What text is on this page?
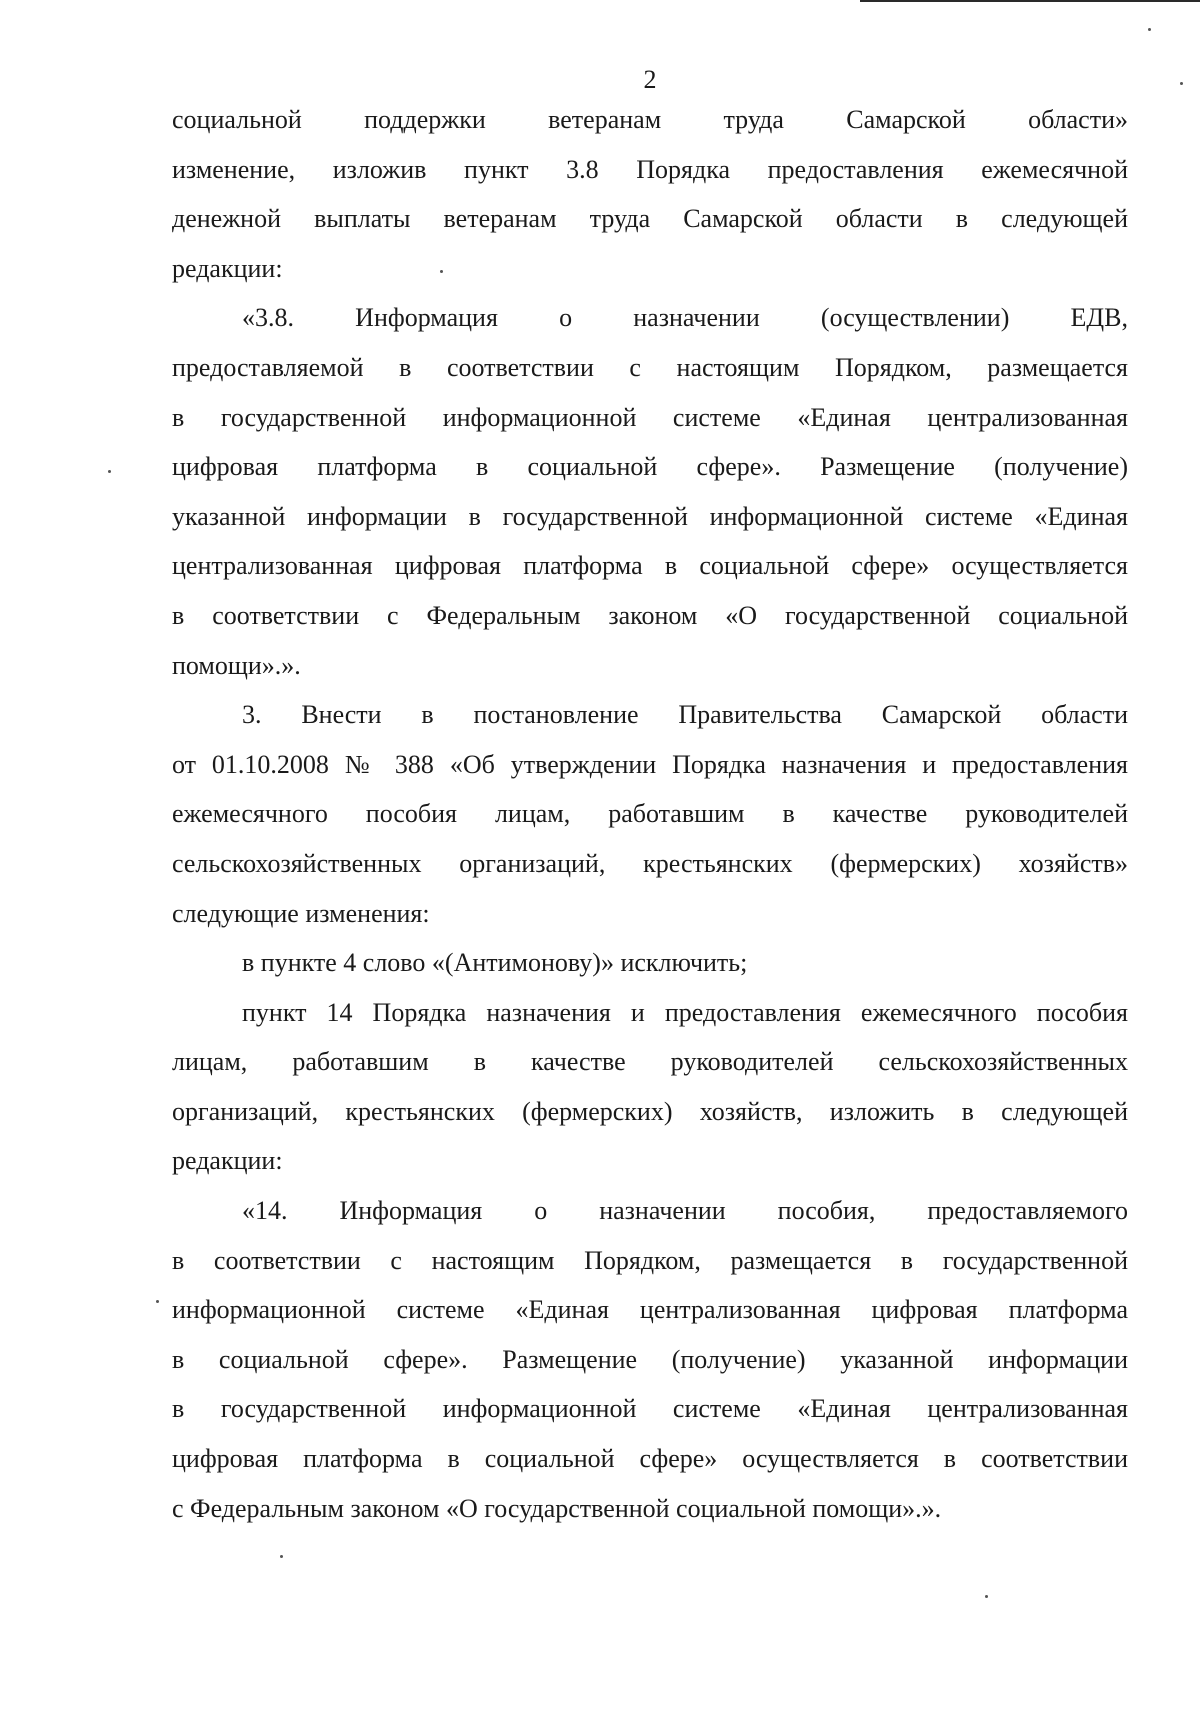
2
социальной поддержки ветеранам труда Самарской области»
изменение, изложив пункт 3.8 Порядка предоставления ежемесячной
денежной выплаты ветеранам труда Самарской области в следующей
редакции:
«3.8. Информация о назначении (осуществлении) ЕДВ,
предоставляемой в соответствии с настоящим Порядком, размещается
в государственной информационной системе «Единая централизованная
цифровая платформа в социальной сфере». Размещение (получение)
указанной информации в государственной информационной системе «Единая
централизованная цифровая платформа в социальной сфере» осуществляется
в соответствии с Федеральным законом «О государственной социальной
помощи».».
3. Внести в постановление Правительства Самарской области
от 01.10.2008 № 388 «Об утверждении Порядка назначения и предоставления
ежемесячного пособия лицам, работавшим в качестве руководителей
сельскохозяйственных организаций, крестьянских (фермерских) хозяйств»
следующие изменения:
в пункте 4 слово «(Антимонову)» исключить;
пункт 14 Порядка назначения и предоставления ежемесячного пособия
лицам, работавшим в качестве руководителей сельскохозяйственных
организаций, крестьянских (фермерских) хозяйств, изложить в следующей
редакции:
«14. Информация о назначении пособия, предоставляемого
в соответствии с настоящим Порядком, размещается в государственной
информационной системе «Единая централизованная цифровая платформа
в социальной сфере». Размещение (получение) указанной информации
в государственной информационной системе «Единая централизованная
цифровая платформа в социальной сфере» осуществляется в соответствии
с Федеральным законом «О государственной социальной помощи».».
